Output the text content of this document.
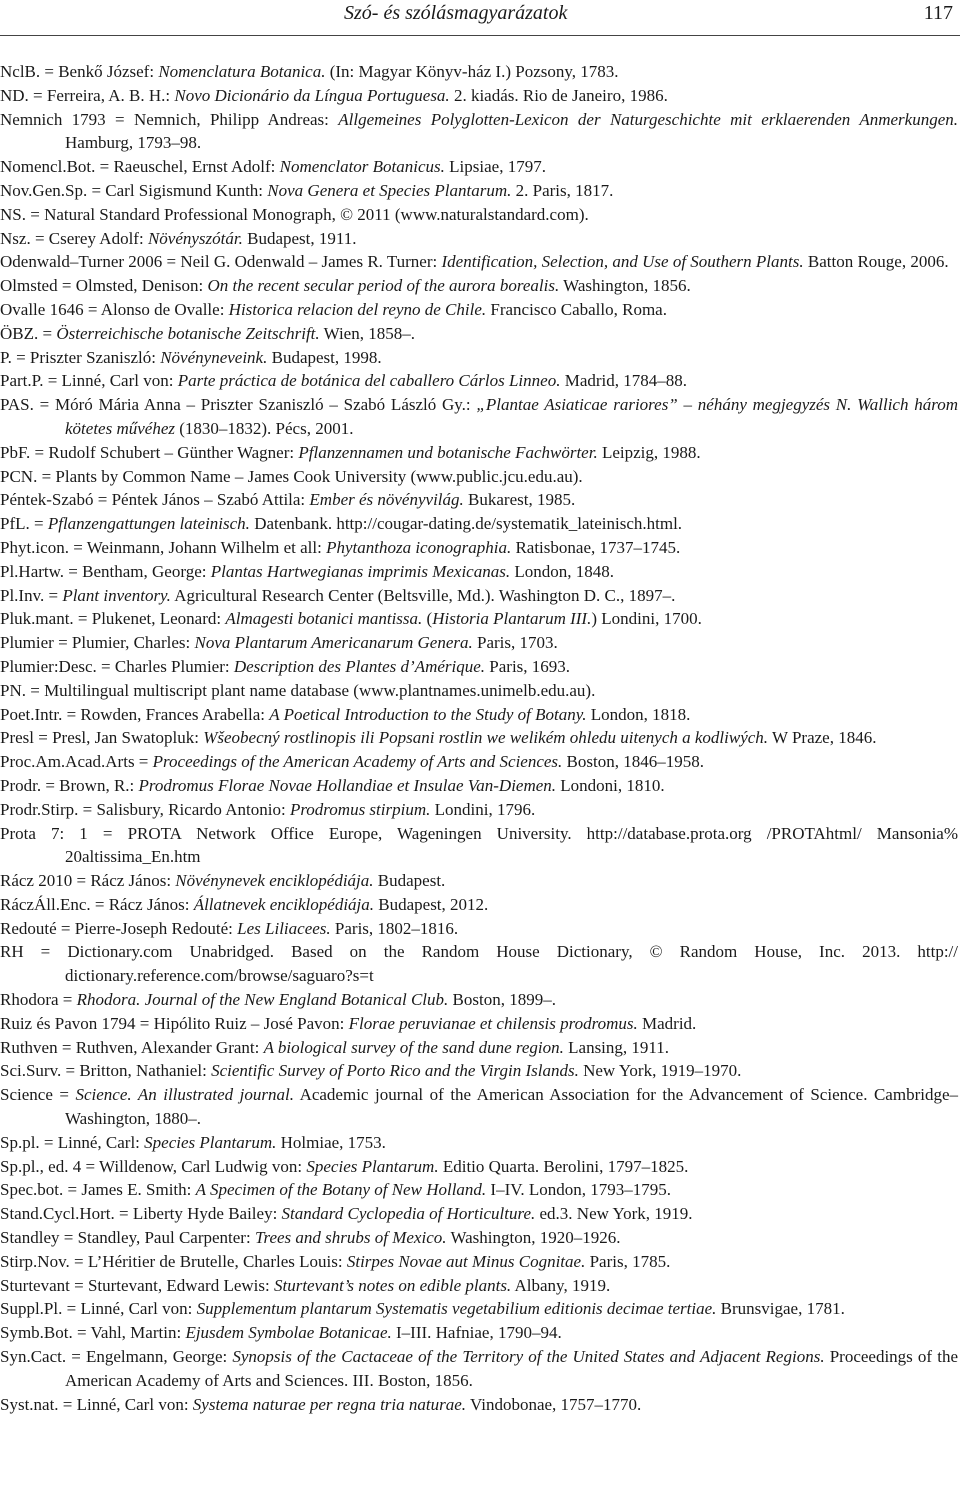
Szó- és szólásmagyarázatok	117
NclB. = Benkő József: Nomenclatura Botanica. (In: Magyar Könyv-ház I.) Pozsony, 1783.
ND. = Ferreira, A. B. H.: Novo Dicionário da Língua Portuguesa. 2. kiadás. Rio de Janeiro, 1986.
Nemnich 1793 = Nemnich, Philipp Andreas: Allgemeines Polyglotten-Lexicon der Naturgeschichte mit erklaerenden Anmerkungen. Hamburg, 1793–98.
Nomencl.Bot. = Raeuschel, Ernst Adolf: Nomenclator Botanicus. Lipsiae, 1797.
Nov.Gen.Sp. = Carl Sigismund Kunth: Nova Genera et Species Plantarum. 2. Paris, 1817.
NS. = Natural Standard Professional Monograph, © 2011 (www.naturalstandard.com).
Nsz. = Cserey Adolf: Növényszótár. Budapest, 1911.
Odenwald–Turner 2006 = Neil G. Odenwald – James R. Turner: Identification, Selection, and Use of Southern Plants. Batton Rouge, 2006.
Olmsted = Olmsted, Denison: On the recent secular period of the aurora borealis. Washington, 1856.
Ovalle 1646 = Alonso de Ovalle: Historica relacion del reyno de Chile. Francisco Caballo, Roma.
ÖBZ. = Österreichische botanische Zeitschrift. Wien, 1858–.
P. = Priszter Szaniszló: Növényneveink. Budapest, 1998.
Part.P. = Linné, Carl von: Parte práctica de botánica del caballero Cárlos Linneo. Madrid, 1784–88.
PAS. = Móró Mária Anna – Priszter Szaniszló – Szabó László Gy.: „Plantae Asiaticae rariores” – néhány megjegyzés N. Wallich három kötetes művéhez (1830–1832). Pécs, 2001.
PbF. = Rudolf Schubert – Günther Wagner: Pflanzennamen und botanische Fachwörter. Leipzig, 1988.
PCN. = Plants by Common Name – James Cook University (www.public.jcu.edu.au).
Péntek-Szabó = Péntek János – Szabó Attila: Ember és növényvilág. Bukarest, 1985.
PfL. = Pflanzengattungen lateinisch. Datenbank. http://cougar-dating.de/systematik_lateinisch.html.
Phyt.icon. = Weinmann, Johann Wilhelm et all: Phytanthoza iconographia. Ratisbonae, 1737–1745.
Pl.Hartw. = Bentham, George: Plantas Hartwegianas imprimis Mexicanas. London, 1848.
Pl.Inv. = Plant inventory. Agricultural Research Center (Beltsville, Md.). Washington D. C., 1897–.
Pluk.mant. = Plukenet, Leonard: Almagesti botanici mantissa. (Historia Plantarum III.) Londini, 1700.
Plumier = Plumier, Charles: Nova Plantarum Americanarum Genera. Paris, 1703.
Plumier:Desc. = Charles Plumier: Description des Plantes d’Amérique. Paris, 1693.
PN. = Multilingual multiscript plant name database (www.plantnames.unimelb.edu.au).
Poet.Intr. = Rowden, Frances Arabella: A Poetical Introduction to the Study of Botany. London, 1818.
Presl = Presl, Jan Swatopluk: Wšeobecný rostlinopis ili Popsani rostlin we welikém ohledu uitenych a kodliwých. W Praze, 1846.
Proc.Am.Acad.Arts = Proceedings of the American Academy of Arts and Sciences. Boston, 1846–1958.
Prodr. = Brown, R.: Prodromus Florae Novae Hollandiae et Insulae Van-Diemen. Londoni, 1810.
Prodr.Stirp. = Salisbury, Ricardo Antonio: Prodromus stirpium. Londini, 1796.
Prota 7: 1 = PROTA Network Office Europe, Wageningen University. http://database.prota.org /PROTAhtml/ Mansonia% 20altissima_En.htm
Rácz 2010 = Rácz János: Növénynevek enciklopédiája. Budapest.
RáczÁll.Enc. = Rácz János: Állatnevek enciklopédiája. Budapest, 2012.
Redouté = Pierre-Joseph Redouté: Les Liliacees. Paris, 1802–1816.
RH = Dictionary.com Unabridged. Based on the Random House Dictionary, © Random House, Inc. 2013. http:// dictionary.reference.com/browse/saguaro?s=t
Rhodora = Rhodora. Journal of the New England Botanical Club. Boston, 1899–.
Ruiz és Pavon 1794 = Hipólito Ruiz – José Pavon: Florae peruvianae et chilensis prodromus. Madrid.
Ruthven = Ruthven, Alexander Grant: A biological survey of the sand dune region. Lansing, 1911.
Sci.Surv. = Britton, Nathaniel: Scientific Survey of Porto Rico and the Virgin Islands. New York, 1919–1970.
Science = Science. An illustrated journal. Academic journal of the American Association for the Advancement of Science. Cambridge–Washington, 1880–.
Sp.pl. = Linné, Carl: Species Plantarum. Holmiae, 1753.
Sp.pl., ed. 4 = Willdenow, Carl Ludwig von: Species Plantarum. Editio Quarta. Berolini, 1797–1825.
Spec.bot. = James E. Smith: A Specimen of the Botany of New Holland. I–IV. London, 1793–1795.
Stand.Cycl.Hort. = Liberty Hyde Bailey: Standard Cyclopedia of Horticulture. ed.3. New York, 1919.
Standley = Standley, Paul Carpenter: Trees and shrubs of Mexico. Washington, 1920–1926.
Stirp.Nov. = L’Héritier de Brutelle, Charles Louis: Stirpes Novae aut Minus Cognitae. Paris, 1785.
Sturtevant = Sturtevant, Edward Lewis: Sturtevant’s notes on edible plants. Albany, 1919.
Suppl.Pl. = Linné, Carl von: Supplementum plantarum Systematis vegetabilium editionis decimae tertiae. Brunsvigae, 1781.
Symb.Bot. = Vahl, Martin: Ejusdem Symbolae Botanicae. I–III. Hafniae, 1790–94.
Syn.Cact. = Engelmann, George: Synopsis of the Cactaceae of the Territory of the United States and Adjacent Regions. Proceedings of the American Academy of Arts and Sciences. III. Boston, 1856.
Syst.nat. = Linné, Carl von: Systema naturae per regna tria naturae. Vindobonae, 1757–1770.
